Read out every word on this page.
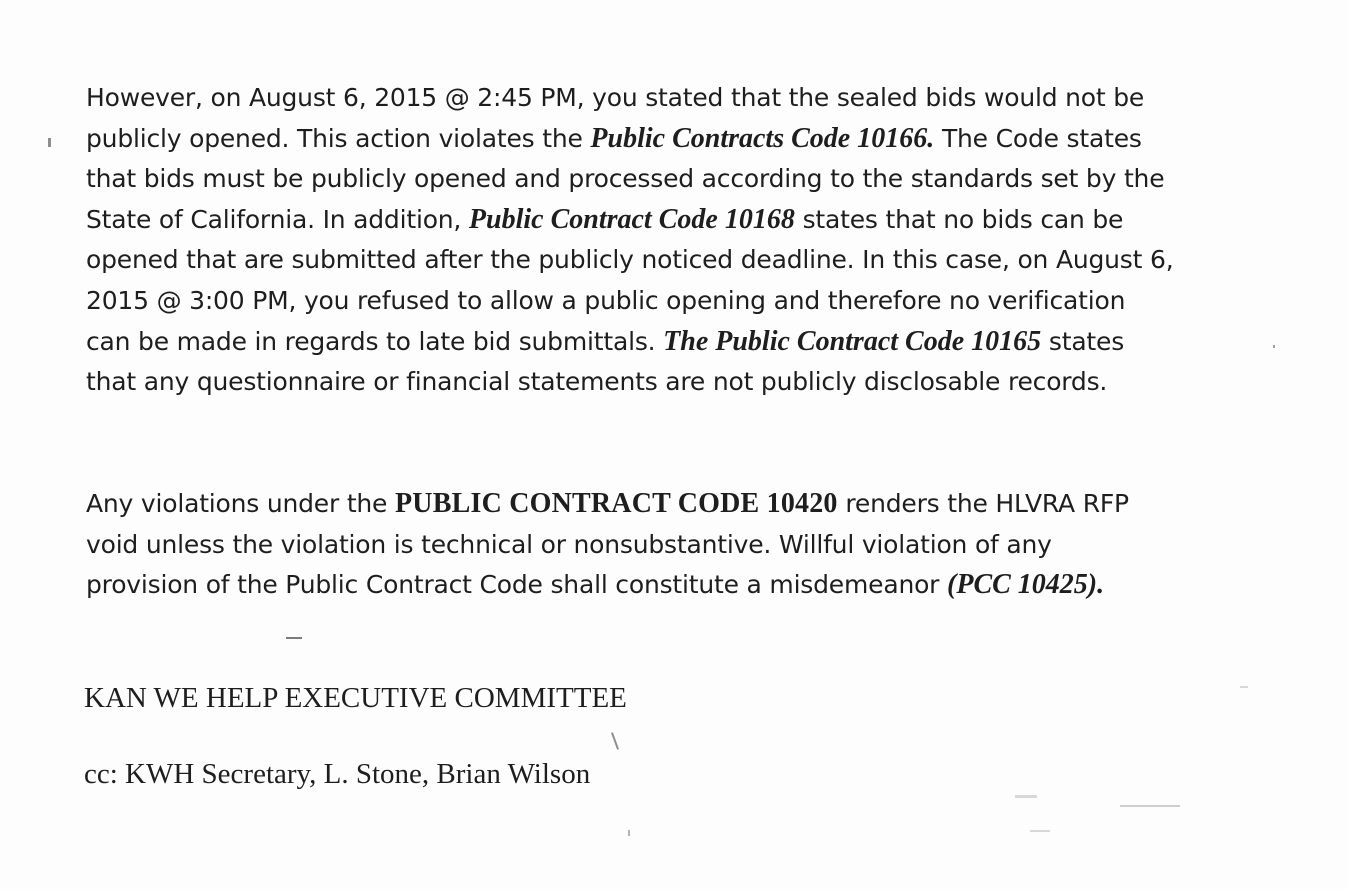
However, on August 6, 2015 @ 2:45 PM, you stated that the sealed bids would not be
publicly opened. This action violates the Public Contracts Code 10166. The Code states
that bids must be publicly opened and processed according to the standards set by the
State of California. In addition, Public Contract Code 10168 states that no bids can be
opened that are submitted after the publicly noticed deadline. In this case, on August 6,
2015 @ 3:00 PM, you refused to allow a public opening and therefore no verification
can be made in regards to late bid submittals. The Public Contract Code 10165 states
that any questionnaire or financial statements are not publicly disclosable records.
Any violations under the PUBLIC CONTRACT CODE 10420 renders the HLVRA RFP
void unless the violation is technical or nonsubstantive. Willful violation of any
provision of the Public Contract Code shall constitute a misdemeanor (PCC 10425).
KAN WE HELP EXECUTIVE COMMITTEE
cc: KWH Secretary, L. Stone, Brian Wilson
